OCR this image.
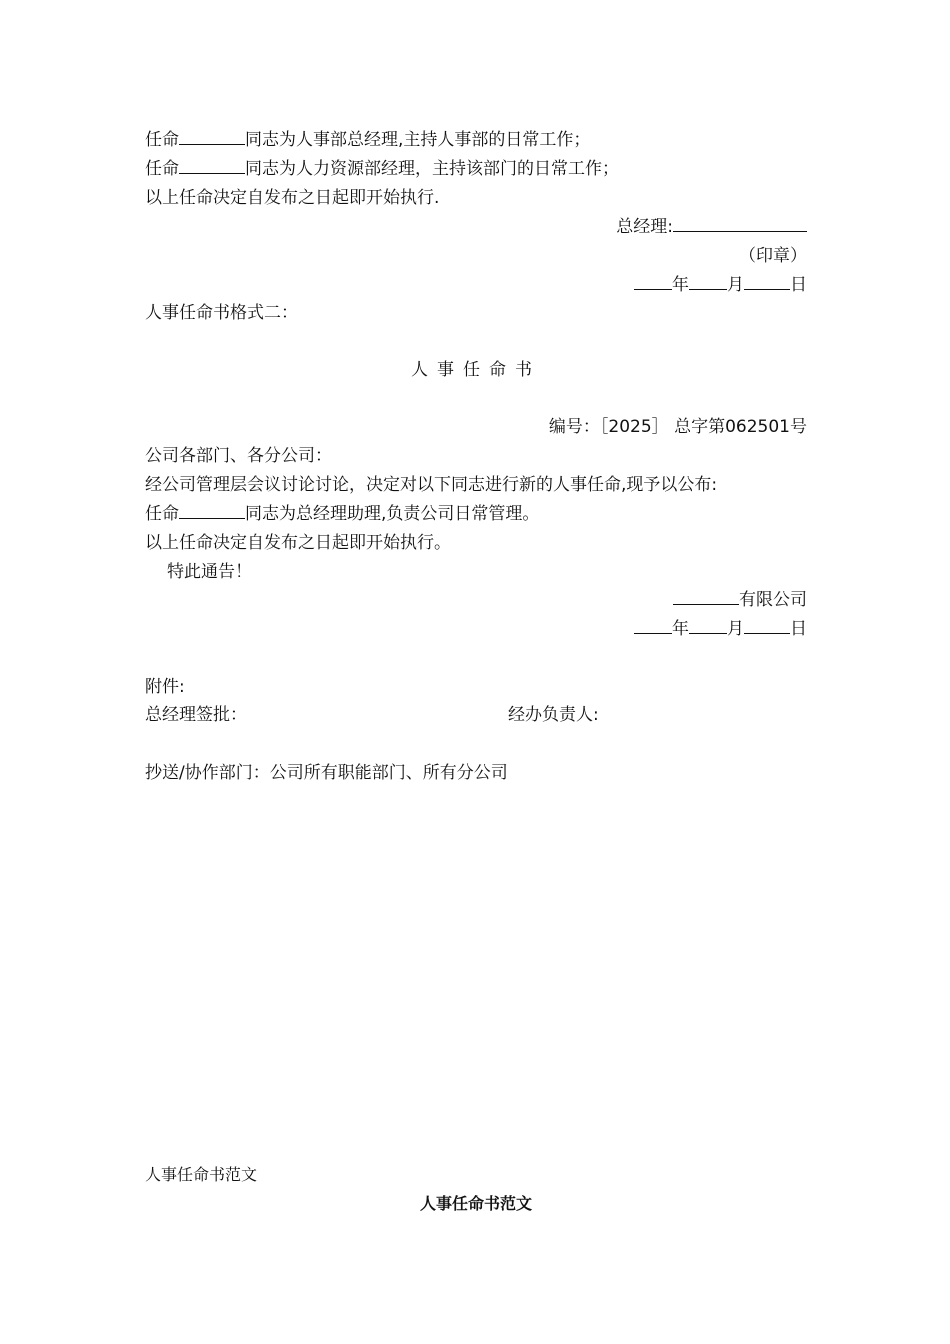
任命	同志为人事部总经理,主持人事部的日常工作；
任命	同志为人力资源部经理，主持该部门的日常工作；
以上任命决定自发布之日起即开始执行.
总经理:
（印章）
年 月	日
人事任命书格式二：
人事任命书
编号：［2025］ 总字第062501号
公司各部门、各分公司：
经公司管理层会议讨论讨论，决定对以下同志进行新的人事任命,现予以公布:
任命	同志为总经理助理,负责公司日常管理。
以上任命决定自发布之日起即开始执行。
特此通告！
有限公司
年 月	日
附件:
总经理签批：	经办负责人:
抄送/协作部门：公司所有职能部门、所有分公司
人事任命书范文
人事任命书范文
